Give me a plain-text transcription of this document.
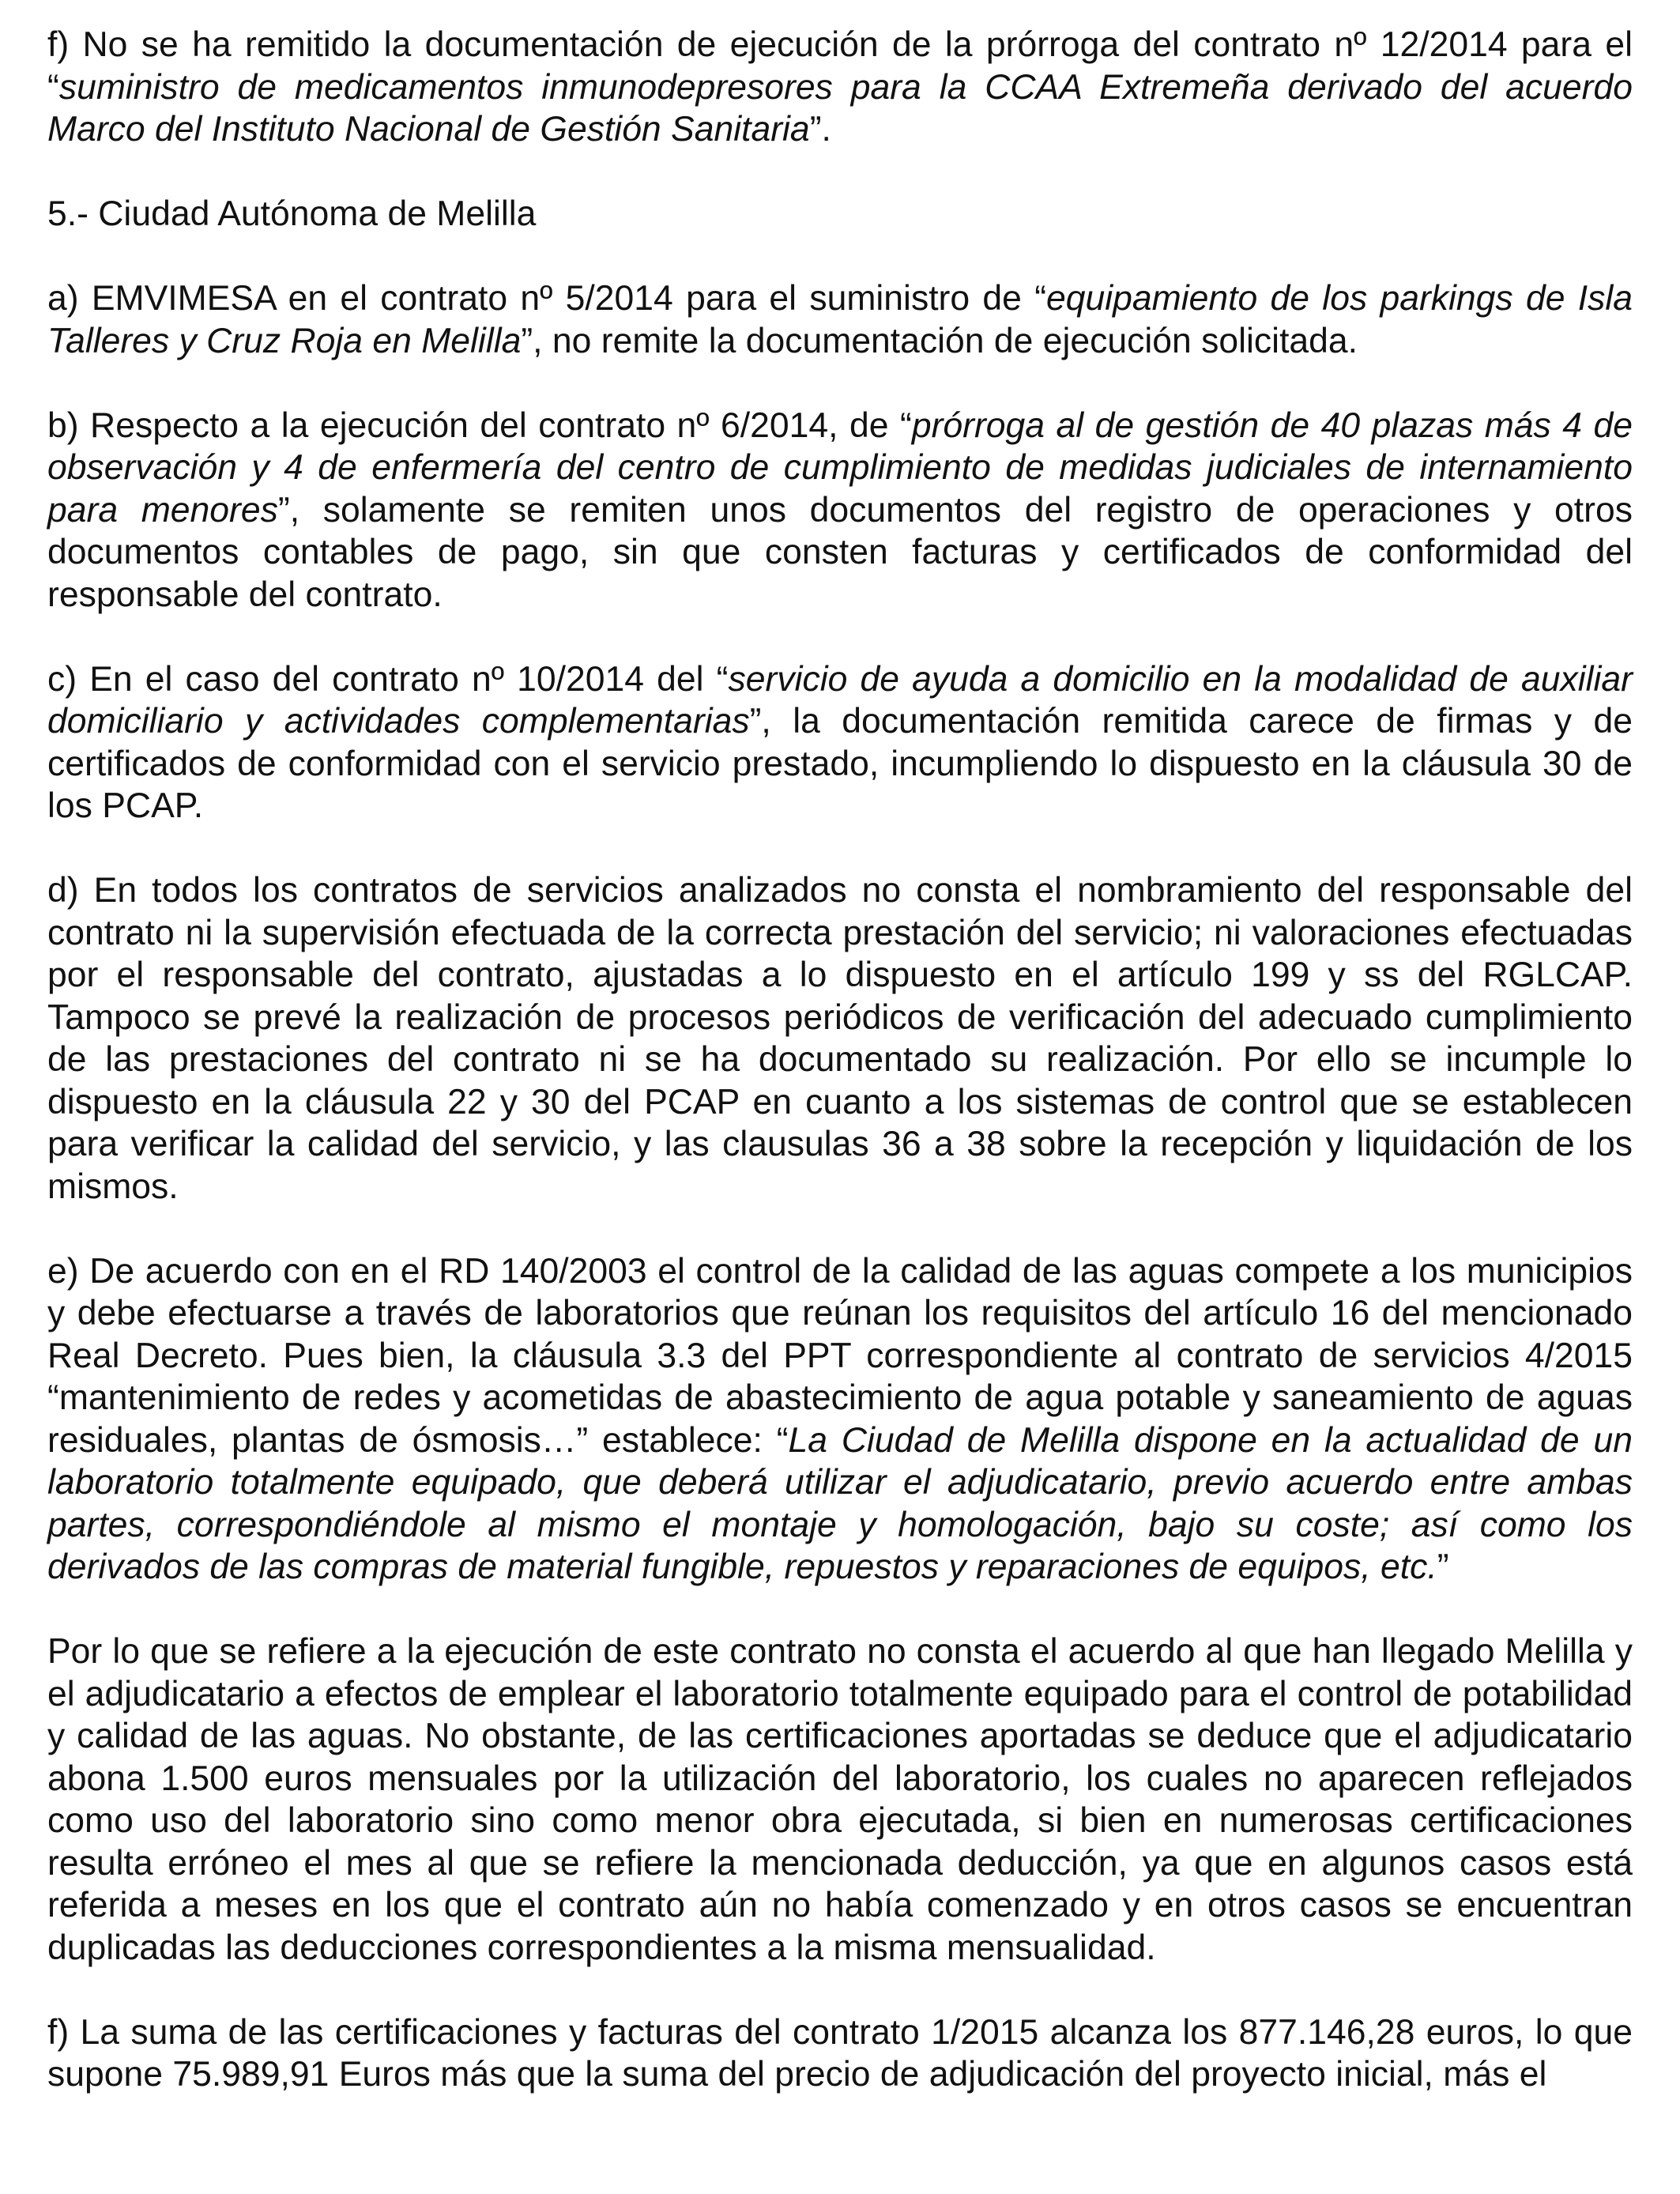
f) No se ha remitido la documentación de ejecución de la prórroga del contrato nº 12/2014 para el “suministro de medicamentos inmunodepresores para la CCAA Extremeña derivado del acuerdo Marco del Instituto Nacional de Gestión Sanitaria”.

5.- Ciudad Autónoma de Melilla

a) EMVIMESA en el contrato nº 5/2014 para el suministro de “equipamiento de los parkings de Isla Talleres y Cruz Roja en Melilla”, no remite la documentación de ejecución solicitada.

b) Respecto a la ejecución del contrato nº 6/2014, de “prórroga al de gestión de 40 plazas más 4 de observación y 4 de enfermería del centro de cumplimiento de medidas judiciales de internamiento para menores”, solamente se remiten unos documentos del registro de operaciones y otros documentos contables de pago, sin que consten facturas y certificados de conformidad del responsable del contrato.

c) En el caso del contrato nº 10/2014 del “servicio de ayuda a domicilio en la modalidad de auxiliar domiciliario y actividades complementarias”, la documentación remitida carece de firmas y de certificados de conformidad con el servicio prestado, incumpliendo lo dispuesto en la cláusula 30 de los PCAP.

d) En todos los contratos de servicios analizados no consta el nombramiento del responsable del contrato ni la supervisión efectuada de la correcta prestación del servicio; ni valoraciones efectuadas por el responsable del contrato, ajustadas a lo dispuesto en el artículo 199 y ss del RGLCAP. Tampoco se prevé la realización de procesos periódicos de verificación del adecuado cumplimiento de las prestaciones del contrato ni se ha documentado su realización. Por ello se incumple lo dispuesto en la cláusula 22 y 30 del PCAP en cuanto a los sistemas de control que se establecen para verificar la calidad del servicio, y las clausulas 36 a 38 sobre la recepción y liquidación de los mismos.

e) De acuerdo con en el RD 140/2003 el control de la calidad de las aguas compete a los municipios y debe efectuarse a través de laboratorios que reúnan los requisitos del artículo 16 del mencionado Real Decreto. Pues bien, la cláusula 3.3 del PPT correspondiente al contrato de servicios 4/2015 “mantenimiento de redes y acometidas de abastecimiento de agua potable y saneamiento de aguas residuales, plantas de ósmosis…” establece: “La Ciudad de Melilla dispone en la actualidad de un laboratorio totalmente equipado, que deberá utilizar el adjudicatario, previo acuerdo entre ambas partes, correspondiéndole al mismo el montaje y homologación, bajo su coste; así como los derivados de las compras de material fungible, repuestos y reparaciones de equipos, etc.”

Por lo que se refiere a la ejecución de este contrato no consta el acuerdo al que han llegado Melilla y el adjudicatario a efectos de emplear el laboratorio totalmente equipado para el control de potabilidad y calidad de las aguas. No obstante, de las certificaciones aportadas se deduce que el adjudicatario abona 1.500 euros mensuales por la utilización del laboratorio, los cuales no aparecen reflejados como uso del laboratorio sino como menor obra ejecutada, si bien en numerosas certificaciones resulta erróneo el mes al que se refiere la mencionada deducción, ya que en algunos casos está referida a meses en los que el contrato aún no había comenzado y en otros casos se encuentran duplicadas las deducciones correspondientes a la misma mensualidad.

f) La suma de las certificaciones y facturas del contrato 1/2015 alcanza los 877.146,28 euros, lo que supone 75.989,91 Euros más que la suma del precio de adjudicación del proyecto inicial, más el
